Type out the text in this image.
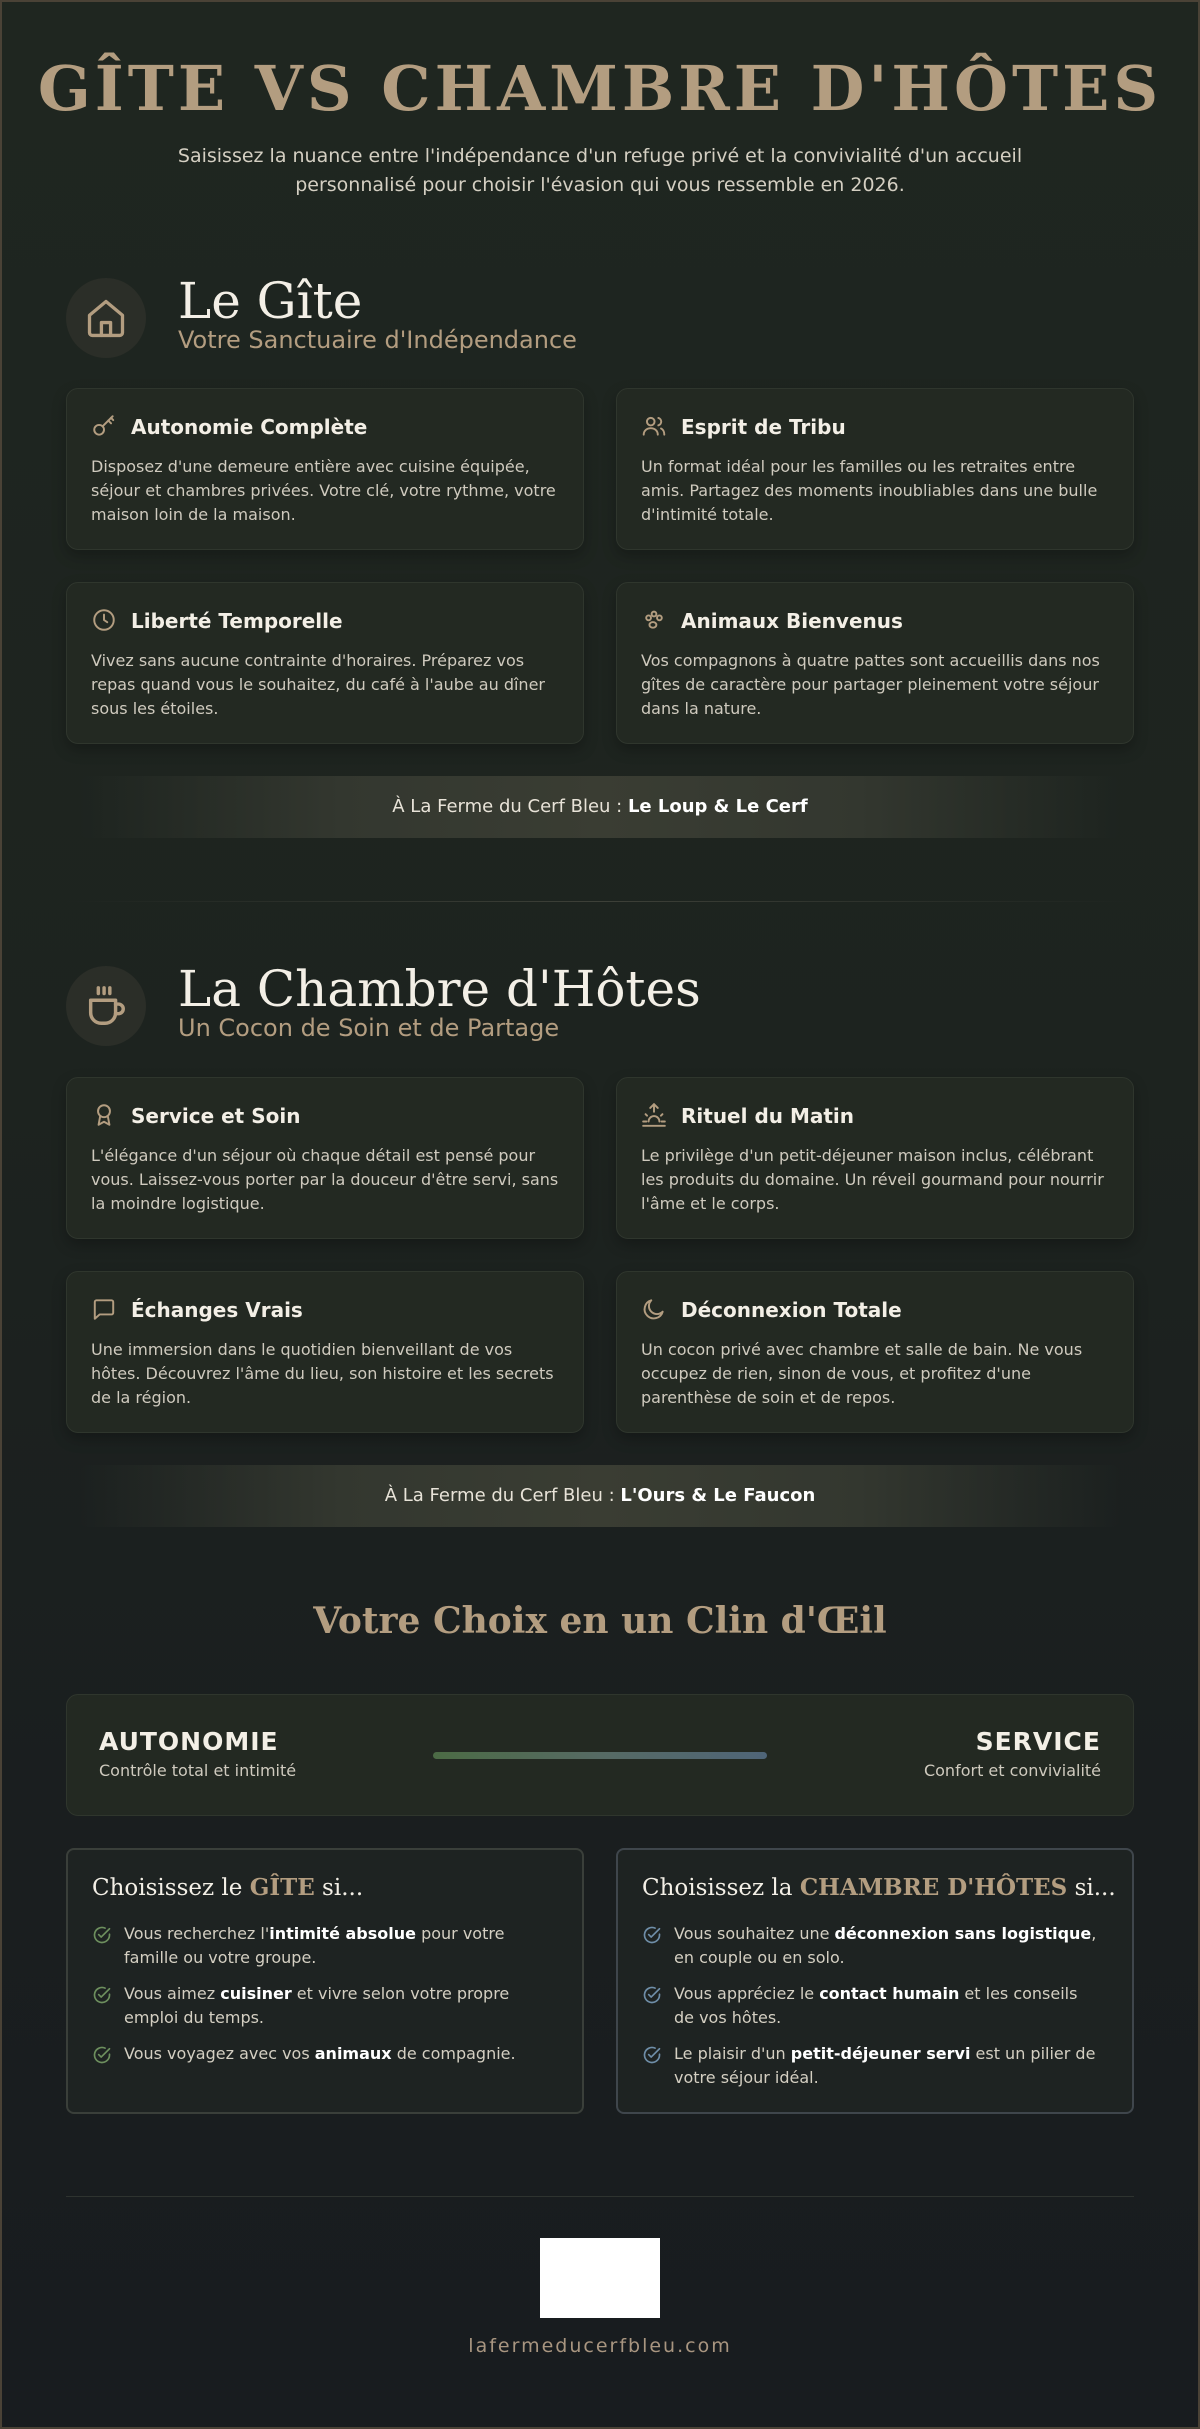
GÎTE VS CHAMBRE D'HÔTES

Saisissez la nuance entre l'indépendance d'un refuge privé et la convivialité d'un accueil personnalisé pour choisir l'évasion qui vous ressemble en 2026.

Le Gîte
Votre Sanctuaire d'Indépendance
Autonomie Complète
Disposez d'une demeure entière avec cuisine équipée, séjour et chambres privées. Votre clé, votre rythme, votre maison loin de la maison.
Esprit de Tribu
Un format idéal pour les familles ou les retraites entre amis. Partagez des moments inoubliables dans une bulle d'intimité totale.
Liberté Temporelle
Vivez sans aucune contrainte d'horaires. Préparez vos repas quand vous le souhaitez, du café à l'aube au dîner sous les étoiles.
Animaux Bienvenus
Vos compagnons à quatre pattes sont accueillis dans nos gîtes de caractère pour partager pleinement votre séjour dans la nature.
À La Ferme du Cerf Bleu : Le Loup & Le Cerf
La Chambre d'Hôtes
Un Cocon de Soin et de Partage
Service et Soin
L'élégance d'un séjour où chaque détail est pensé pour vous. Laissez-vous porter par la douceur d'être servi, sans la moindre logistique.
Rituel du Matin
Le privilège d'un petit-déjeuner maison inclus, célébrant les produits du domaine. Un réveil gourmand pour nourrir l'âme et le corps.
Échanges Vrais
Une immersion dans le quotidien bienveillant de vos hôtes. Découvrez l'âme du lieu, son histoire et les secrets de la région.
Déconnexion Totale
Un cocon privé avec chambre et salle de bain. Ne vous occupez de rien, sinon de vous, et profitez d'une parenthèse de soin et de repos.
À La Ferme du Cerf Bleu : L'Ours & Le Faucon
Votre Choix en un Clin d'Œil
AUTONOMIE
Contrôle total et intimité
SERVICE
Confort et convivialité
Choisissez le GÎTE si...
Vous recherchez l'intimité absolue pour votre famille ou votre groupe.
Vous aimez cuisiner et vivre selon votre propre emploi du temps.
Vous voyagez avec vos animaux de compagnie.
Choisissez la CHAMBRE D'HÔTES si...
Vous souhaitez une déconnexion sans logistique, en couple ou en solo.
Vous appréciez le contact humain et les conseils de vos hôtes.
Le plaisir d'un petit-déjeuner servi est un pilier de votre séjour idéal.
lafermeducerfbleu.com
